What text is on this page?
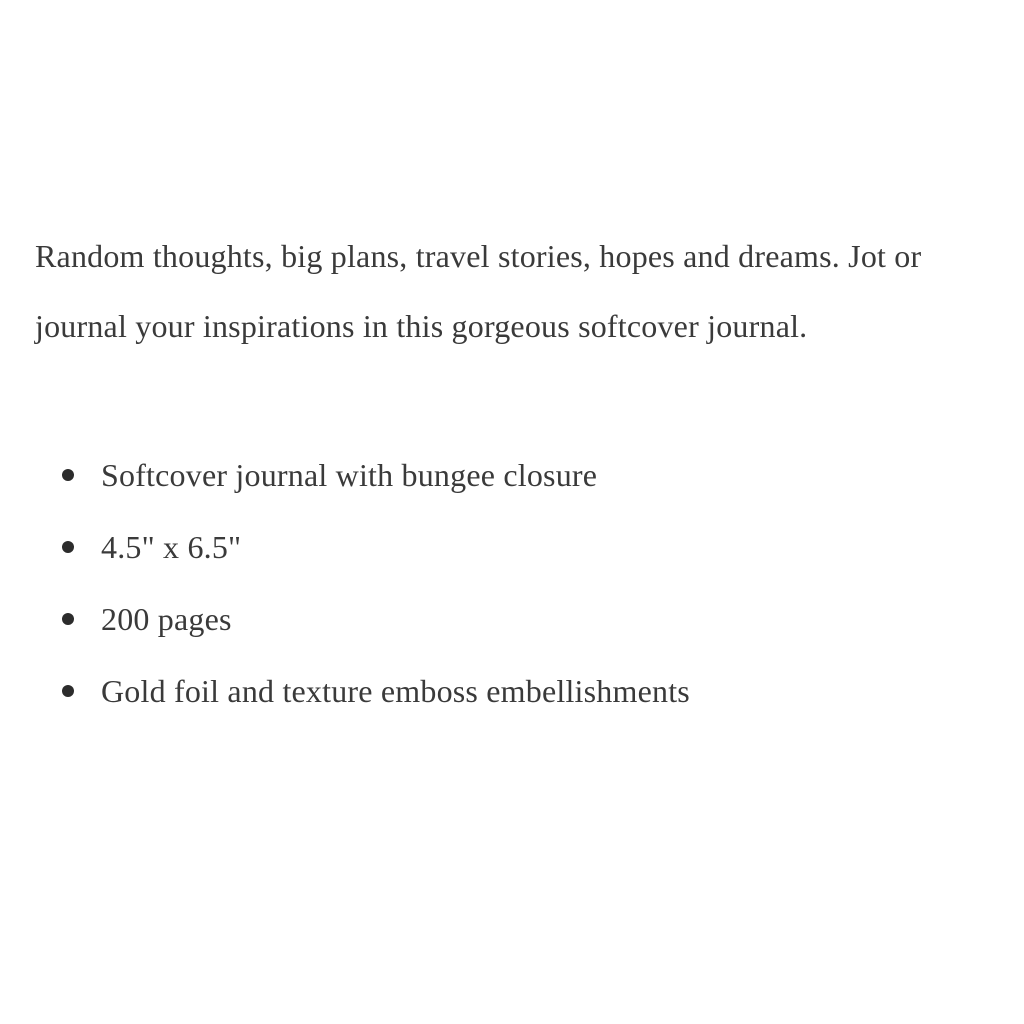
Random thoughts, big plans, travel stories, hopes and dreams. Jot or journal your inspirations in this gorgeous softcover journal.

Softcover journal with bungee closure
4.5" x 6.5"
200 pages
Gold foil and texture emboss embellishments
